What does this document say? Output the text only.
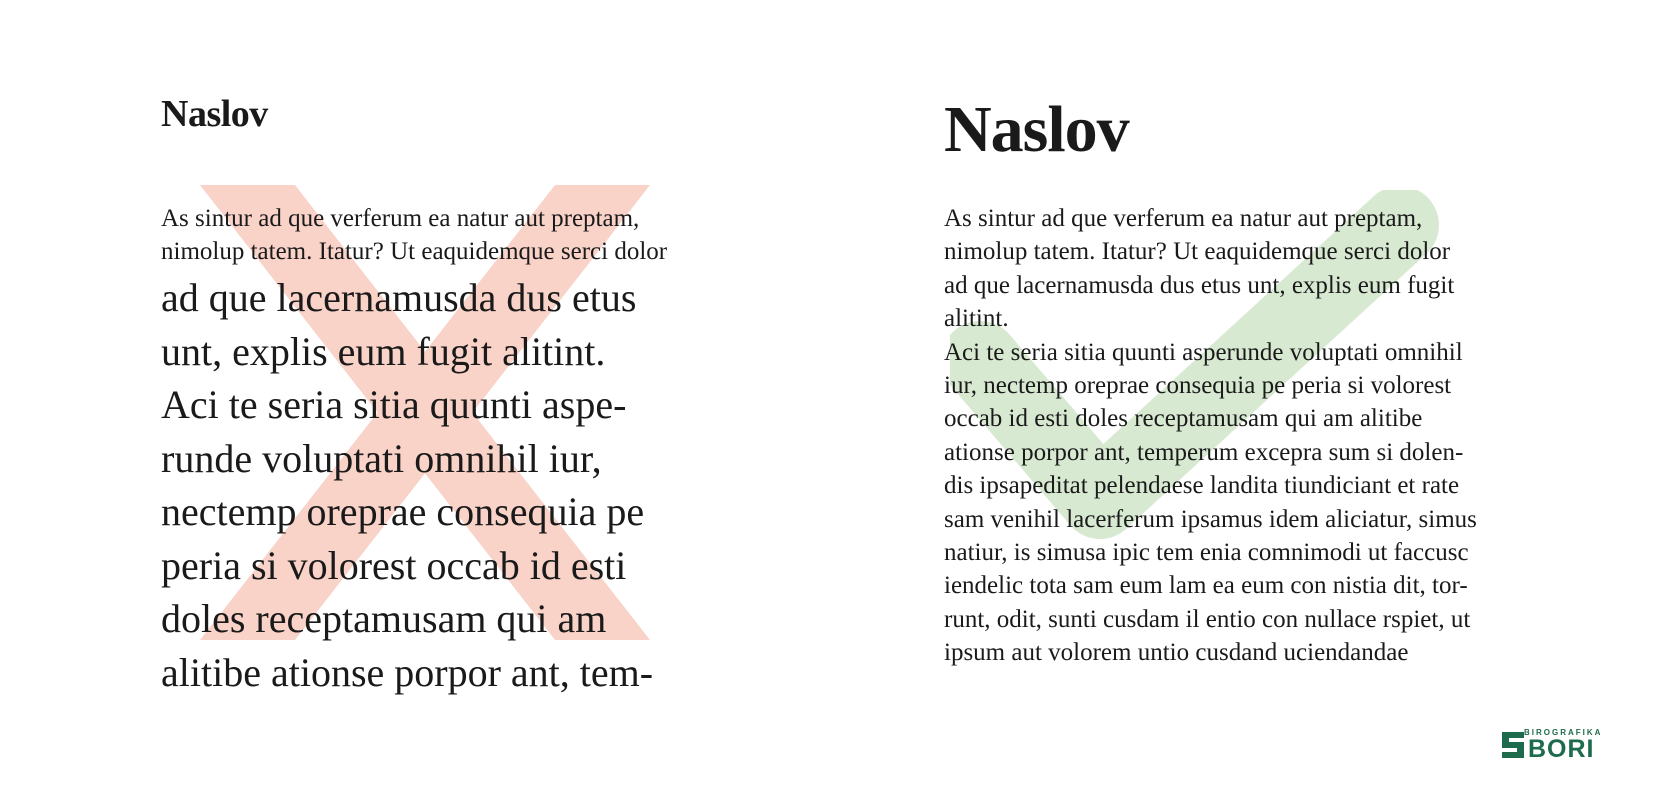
Naslov
As sintur ad que verferum ea natur aut preptam,
nimolup tatem. Itatur? Ut eaquidemque serci dolor
ad que lacernamusda dus etus
unt, explis eum fugit alitint.
Aci te seria sitia quunti aspe-
runde voluptati omnihil iur,
nectemp oreprae consequia pe
peria si volorest occab id esti
doles receptamusam qui am
alitibe ationse porpor ant, tem-
Naslov
As sintur ad que verferum ea natur aut preptam,
nimolup tatem. Itatur? Ut eaquidemque serci dolor
ad que lacernamusda dus etus unt, explis eum fugit
alitint.
Aci te seria sitia quunti asperunde voluptati omnihil
iur, nectemp oreprae consequia pe peria si volorest
occab id esti doles receptamusam qui am alitibe
ationse porpor ant, temperum excepra sum si dolen-
dis ipsapeditat pelendaese landita tiundiciant et rate
sam venihil lacerferum ipsamus idem aliciatur, simus
natiur, is simusa ipic tem enia comnimodi ut faccusc
iendelic tota sam eum lam ea eum con nistia dit, tor-
runt, odit, sunti cusdam il entio con nullace rspiet, ut
ipsum aut volorem untio cusdand uciendandae
BIROGRAFIKA
BORI
